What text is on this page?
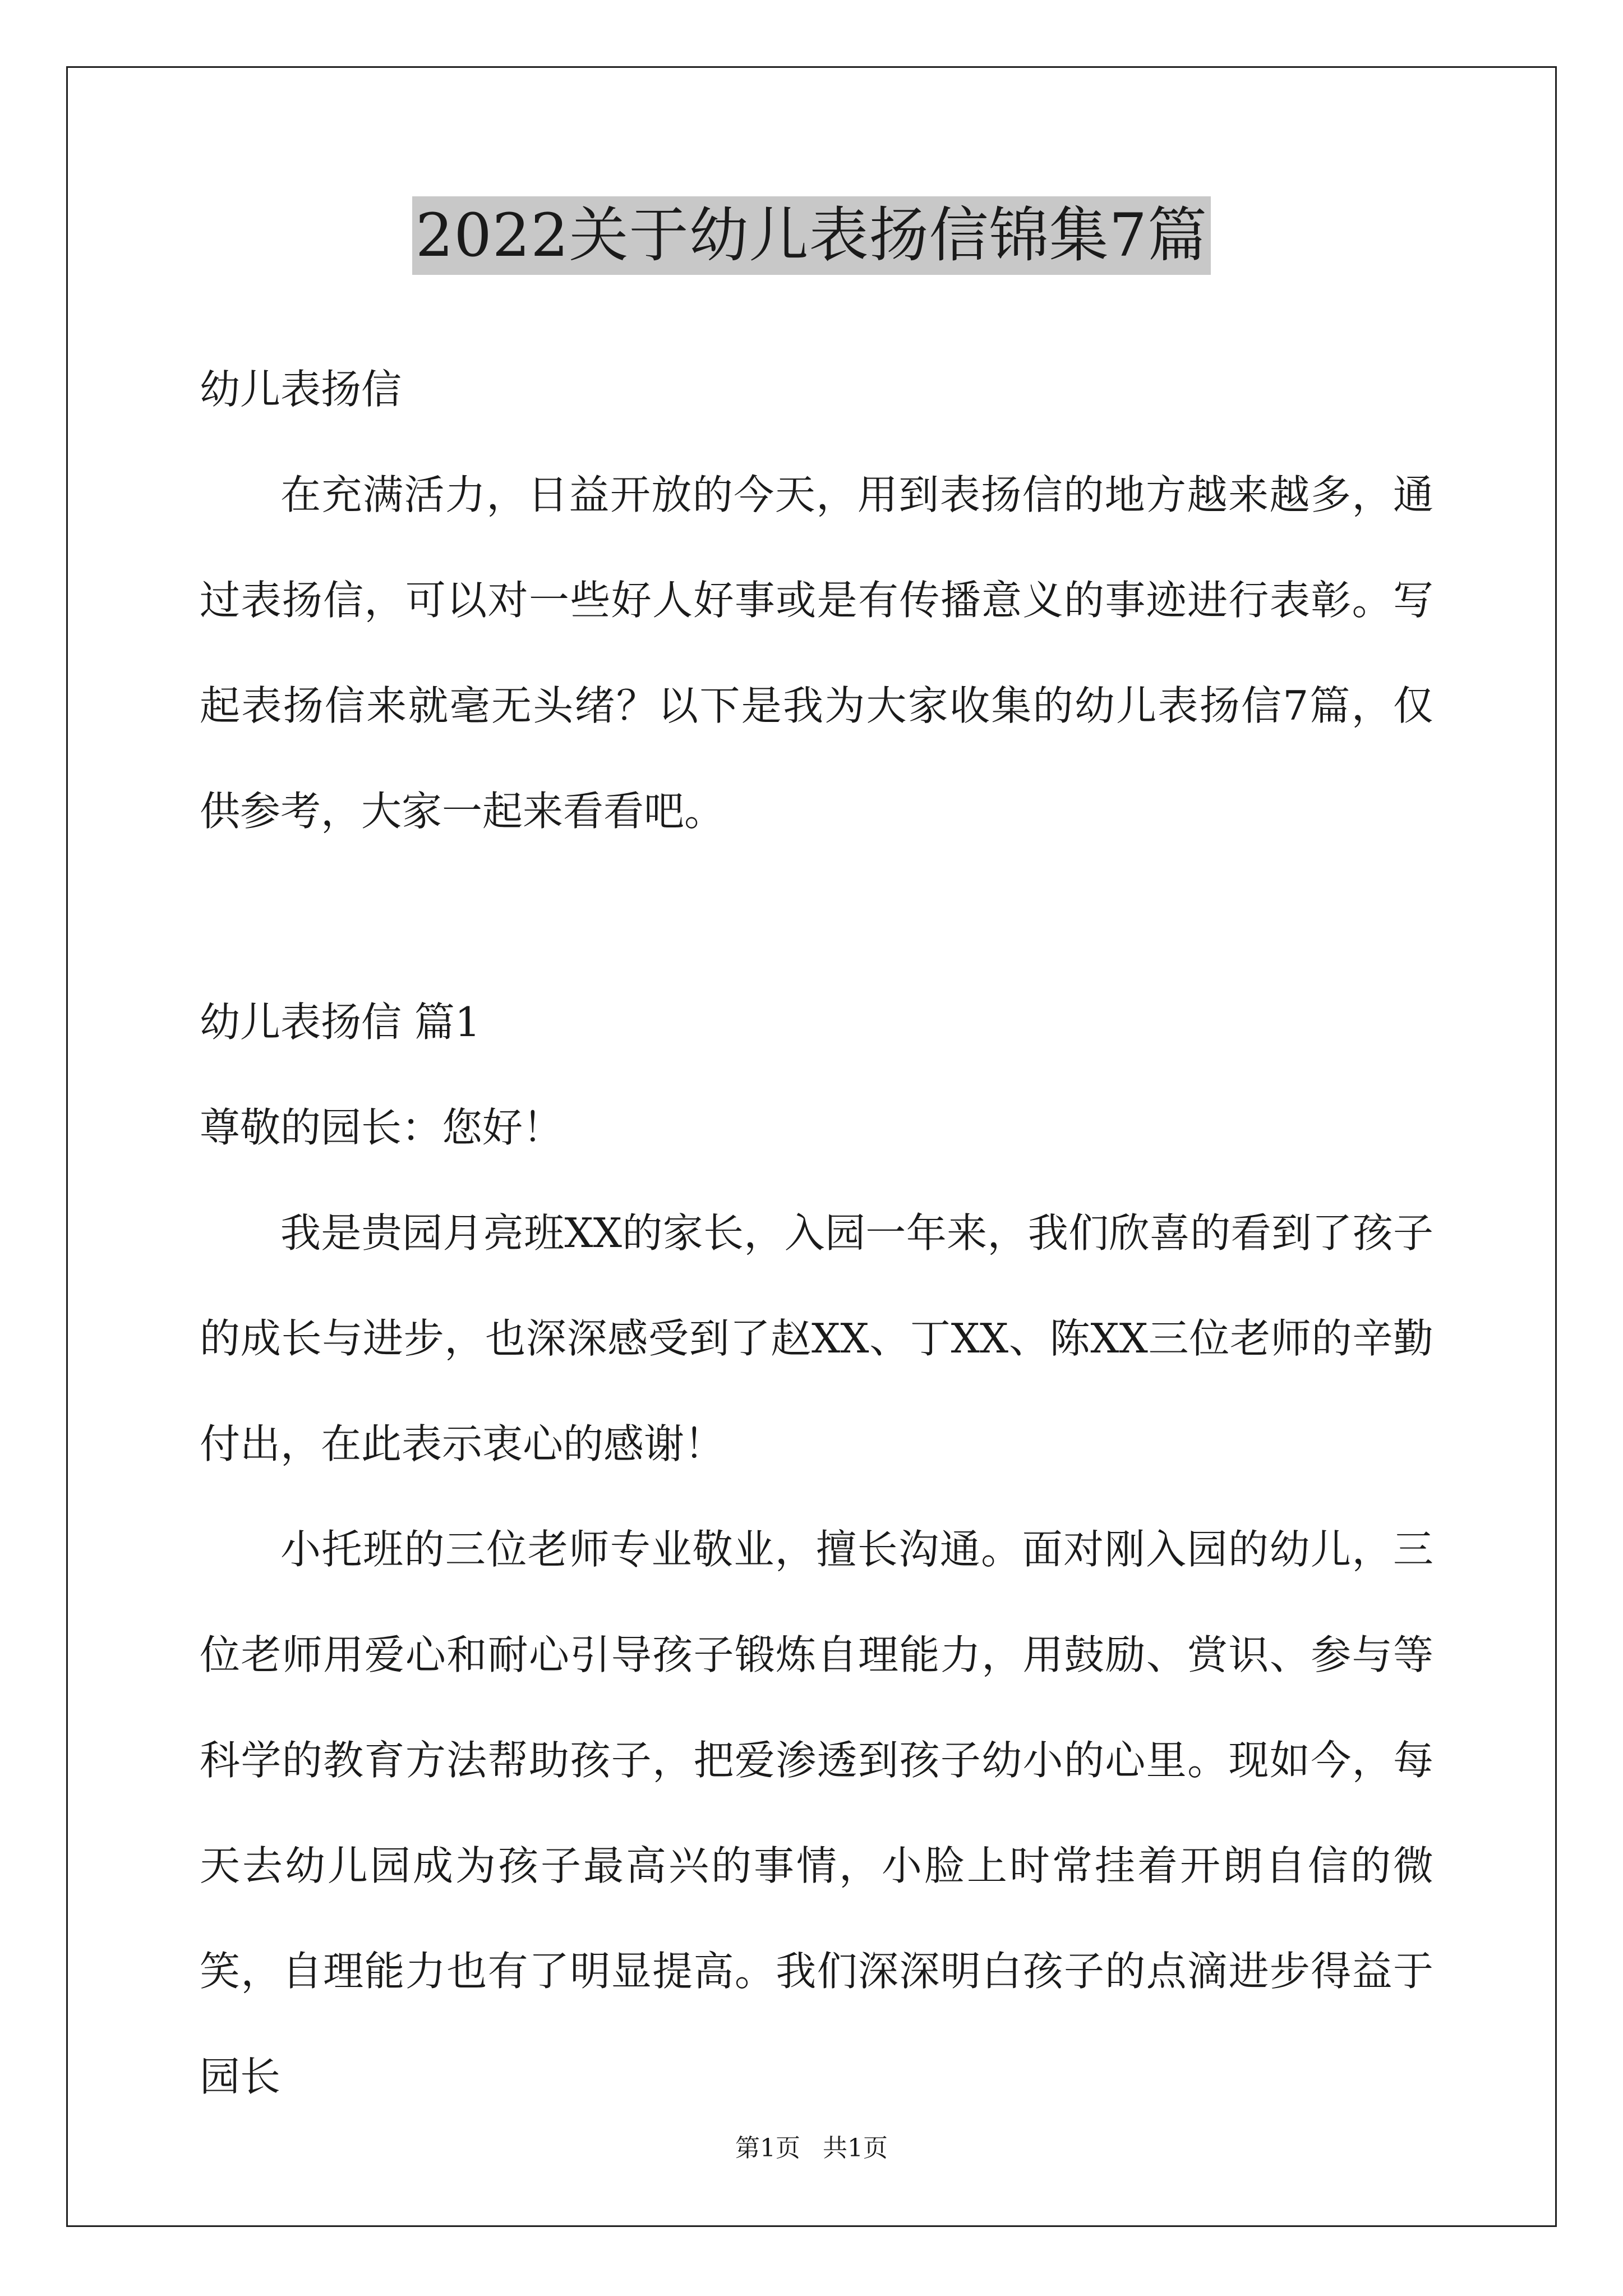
2022关于幼儿表扬信锦集7篇

幼儿表扬信

在充满活力，日益开放的今天，用到表扬信的地方越来越多，通过表扬信，可以对一些好人好事或是有传播意义的事迹进行表彰。写起表扬信来就毫无头绪？以下是我为大家收集的幼儿表扬信7篇，仅供参考，大家一起来看看吧。

幼儿表扬信 篇1

尊敬的园长：您好！

我是贵园月亮班XX的家长，入园一年来，我们欣喜的看到了孩子的成长与进步，也深深感受到了赵XX、丁XX、陈XX三位老师的辛勤付出，在此表示衷心的感谢！

小托班的三位老师专业敬业，擅长沟通。面对刚入园的幼儿，三位老师用爱心和耐心引导孩子锻炼自理能力，用鼓励、赏识、参与等科学的教育方法帮助孩子，把爱渗透到孩子幼小的心里。现如今，每天去幼儿园成为孩子最高兴的事情，小脸上时常挂着开朗自信的微笑，自理能力也有了明显提高。我们深深明白孩子的点滴进步得益于园长

第1页 共1页
